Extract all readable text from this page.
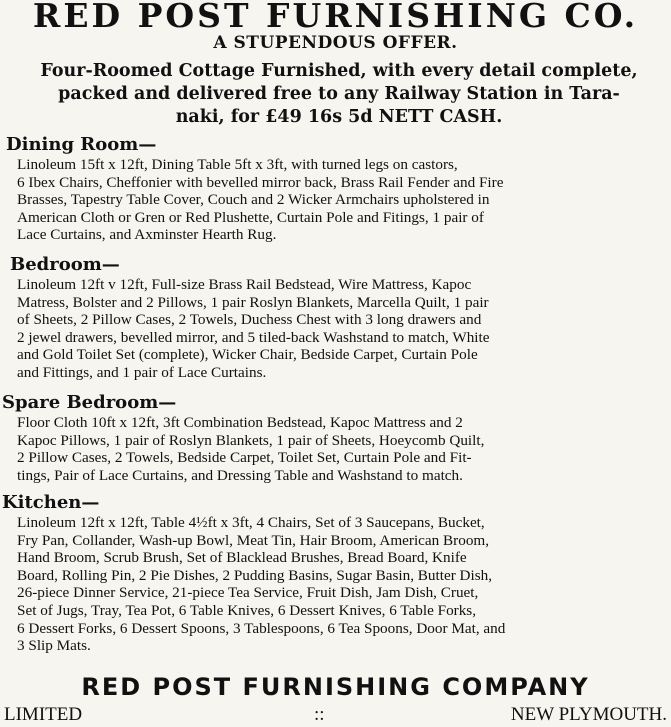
RED POST FURNISHING CO.
A STUPENDOUS OFFER.
Four-Roomed Cottage Furnished, with every detail complete,
packed and delivered free to any Railway Station in Tara-
naki, for £49 16s 5d NETT CASH.
Dining Room—
Linoleum 15ft x 12ft, Dining Table 5ft x 3ft, with turned legs on castors,
6 Ibex Chairs, Cheffonier with bevelled mirror back, Brass Rail Fender and Fire
Brasses, Tapestry Table Cover, Couch and 2 Wicker Armchairs upholstered in
American Cloth or Gren or Red Plushette, Curtain Pole and Fitings, 1 pair of
Lace Curtains, and Axminster Hearth Rug.
Bedroom—
Linoleum 12ft v 12ft, Full-size Brass Rail Bedstead, Wire Mattress, Kapoc
Matress, Bolster and 2 Pillows, 1 pair Roslyn Blankets, Marcella Quilt, 1 pair
of Sheets, 2 Pillow Cases, 2 Towels, Duchess Chest with 3 long drawers and
2 jewel drawers, bevelled mirror, and 5 tiled-back Washstand to match, White
and Gold Toilet Set (complete), Wicker Chair, Bedside Carpet, Curtain Pole
and Fittings, and 1 pair of Lace Curtains.
Spare Bedroom—
Floor Cloth 10ft x 12ft, 3ft Combination Bedstead, Kapoc Mattress and 2
Kapoc Pillows, 1 pair of Roslyn Blankets, 1 pair of Sheets, Hoeycomb Quilt,
2 Pillow Cases, 2 Towels, Bedside Carpet, Toilet Set, Curtain Pole and Fit-
tings, Pair of Lace Curtains, and Dressing Table and Washstand to match.
Kitchen—
Linoleum 12ft x 12ft, Table 4½ft x 3ft, 4 Chairs, Set of 3 Saucepans, Bucket,
Fry Pan, Collander, Wash-up Bowl, Meat Tin, Hair Broom, American Broom,
Hand Broom, Scrub Brush, Set of Blacklead Brushes, Bread Board, Knife
Board, Rolling Pin, 2 Pie Dishes, 2 Pudding Basins, Sugar Basin, Butter Dish,
26-piece Dinner Service, 21-piece Tea Service, Fruit Dish, Jam Dish, Cruet,
Set of Jugs, Tray, Tea Pot, 6 Table Knives, 6 Dessert Knives, 6 Table Forks,
6 Dessert Forks, 6 Dessert Spoons, 3 Tablespoons, 6 Tea Spoons, Door Mat, and
3 Slip Mats.
RED POST FURNISHING COMPANY
LIMITED	::	NEW PLYMOUTH.
